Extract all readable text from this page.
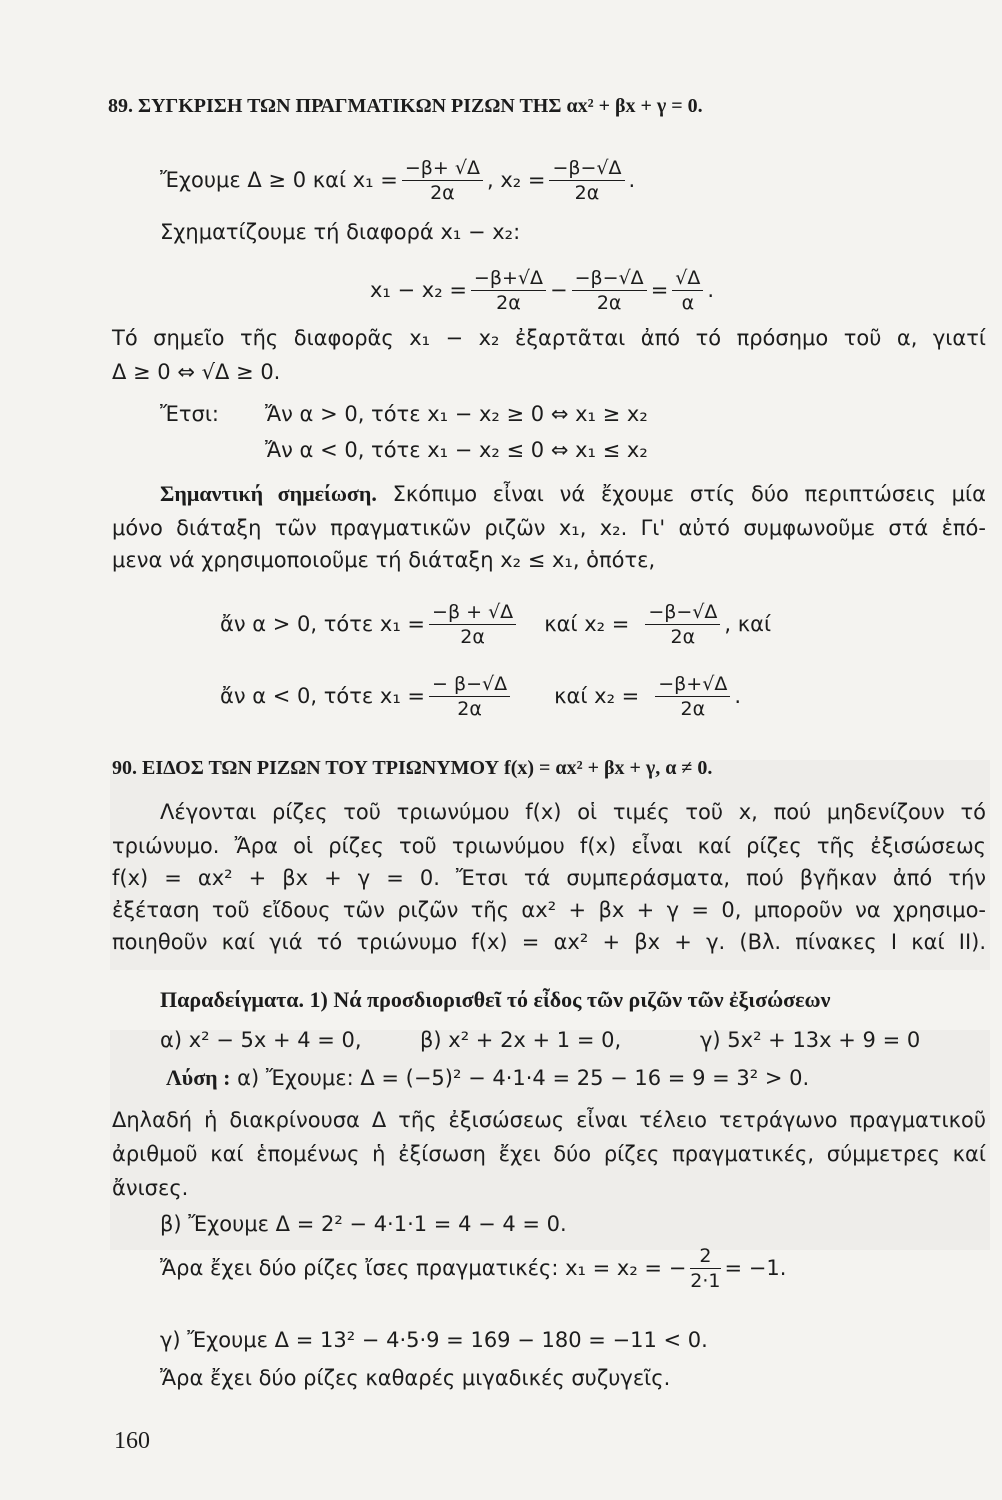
89. ΣΥΓΚΡΙΣΗ ΤΩΝ ΠΡΑΓΜΑΤΙΚΩΝ ΡΙΖΩΝ ΤΗΣ αx² + βx + γ = 0.
Ἔχουμε Δ ≥ 0 καί $x_1 = \frac{-\beta+ √\Delta}{2\alpha}$ , $x_2 = \frac{-\beta-√\Delta}{2\alpha}$ .
Σχηματίζουμε τή διαφορά x₁ − x₂:
$x_1 - x_2 = \frac{-\beta+√\Delta}{2\alpha} - \frac{-\beta-√\Delta}{2\alpha} = \frac{√\Delta}{\alpha}$ .
Τό σημεῖο τῆς διαφορᾶς x₁ − x₂ ἐξαρτᾶται ἀπό τό πρόσημο τοῦ α, γιατί
Δ ≥ 0 ⇔ √Δ ≥ 0.
Ἔτσι: Ἄν α > 0, τότε x₁ − x₂ ≥ 0 ⇔ x₁ ≥ x₂
Ἄν α < 0, τότε x₁ − x₂ ≤ 0 ⇔ x₁ ≤ x₂
Σημαντική σημείωση. Σκόπιμο εἶναι νά ἔχουμε στίς δύο περιπτώσεις μία
μόνο διάταξη τῶν πραγματικῶν ριζῶν x₁, x₂. Γι' αὐτό συμφωνοῦμε στά ἑπό-
μενα νά χρησιμοποιοῦμε τή διάταξη x₂ ≤ x₁, ὁπότε,
ἄν α > 0, τότε $x_1 = \frac{-\beta + √\Delta}{2\alpha}$ καί $x_2 = \frac{-\beta-√\Delta}{2\alpha}$ , καί
ἄν α < 0, τότε $x_1 = \frac{- \beta-√\Delta}{2\alpha}$ καί $x_2 = \frac{-\beta+√\Delta}{2\alpha}$ .
90. ΕΙΔΟΣ ΤΩΝ ΡΙΖΩΝ ΤΟΥ ΤΡΙΩΝΥΜΟΥ f(x) = αx² + βx + γ, α ≠ 0.
Λέγονται ρίζες τοῦ τριωνύμου f(x) οἱ τιμές τοῦ x, πού μηδενίζουν τό
τριώνυμο. Ἄρα οἱ ρίζες τοῦ τριωνύμου f(x) εἶναι καί ρίζες τῆς ἐξισώσεως
f(x) = αx² + βx + γ = 0. Ἔτσι τά συμπεράσματα, πού βγῆκαν ἀπό τήν
ἐξέταση τοῦ εἴδους τῶν ριζῶν τῆς αx² + βx + γ = 0, μποροῦν να χρησιμο-
ποιηθοῦν καί γιά τό τριώνυμο f(x) = αx² + βx + γ. (Βλ. πίνακες I καί II).
Παραδείγματα. 1) Νά προσδιορισθεῖ τό εἶδος τῶν ριζῶν τῶν ἐξισώσεων
α) x² − 5x + 4 = 0,	β) x² + 2x + 1 = 0,	γ) 5x² + 13x + 9 = 0
Λύση : α) Ἔχουμε: Δ = (−5)² − 4·1·4 = 25 − 16 = 9 = 3² > 0.
Δηλαδή ἡ διακρίνουσα Δ τῆς ἐξισώσεως εἶναι τέλειο τετράγωνο πραγματικοῦ
ἀριθμοῦ καί ἑπομένως ἡ ἐξίσωση ἔχει δύο ρίζες πραγματικές, σύμμετρες καί
ἄνισες.
β) Ἔχουμε Δ = 2² − 4·1·1 = 4 − 4 = 0.
Ἄρα ἔχει δύο ρίζες ἴσες πραγματικές: x₁ = x₂ = − $\frac{2}{2\cdot 1} = -1$.
γ) Ἔχουμε Δ = 13² − 4·5·9 = 169 − 180 = −11 < 0.
Ἄρα ἔχει δύο ρίζες καθαρές μιγαδικές συζυγεῖς.
160
